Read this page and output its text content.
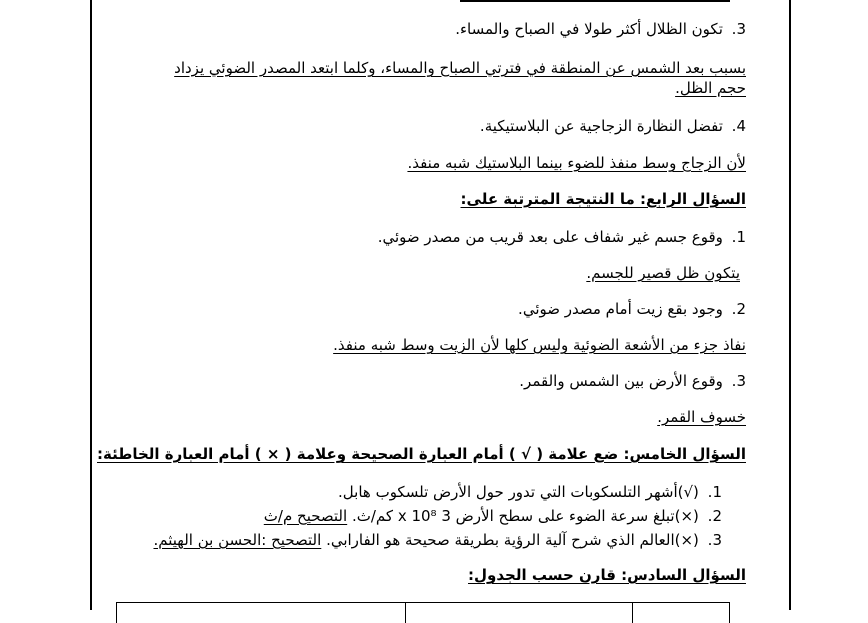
3. تكون الظلال أكثر طولا في الصباح والمساء.
بسبب بعد الشمس عن المنطقة في فترتي الصباح والمساء، وكلما ابتعد المصدر الضوئي يزداد حجم الظل.
4. تفضل النظارة الزجاجية عن البلاستيكية.
لأن الزجاج وسط منفذ للضوء بينما البلاستيك شبه منفذ.
السؤال الرابع: ما النتيجة المترتبة على:
1. وقوع جسم غير شفاف على بعد قريب من مصدر ضوئي.
يتكون ظل قصير للجسم.
2. وجود بقع زيت أمام مصدر ضوئي.
نفاذ جزء من الأشعة الضوئية وليس كلها لأن الزيت وسط شبه منفذ.
3. وقوع الأرض بين الشمس والقمر.
خسوف القمر.
السؤال الخامس: ضع علامة ( √ ) أمام العبارة الصحيحة وعلامة ( × ) أمام العبارة الخاطئة:
1. (√)أشهر التلسكوبات التي تدور حول الأرض تلسكوب هابل.
2. (×)تبلغ سرعة الضوء على سطح الأرض 3 x 10⁸ كم/ث. التصحيح م/ث
3. (×)العالم الذي شرح آلية الرؤية بطريقة صحيحة هو الفارابي. التصحيح :الحسن بن الهيثم.
السؤال السادس: قارن حسب الجدول:
